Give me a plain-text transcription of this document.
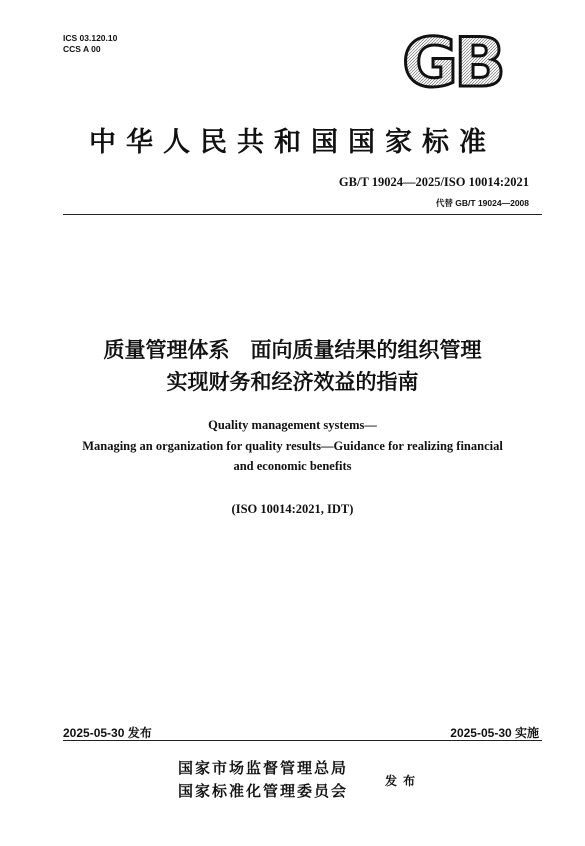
ICS 03.120.10
CCS A 00	GB
中华人民共和国国家标准
GB/T 19024—2025/ISO 10014:2021
代替 GB/T 19024—2008
质量管理体系　面向质量结果的组织管理
实现财务和经济效益的指南
Quality management systems—
Managing an organization for quality results—Guidance for realizing financial
and economic benefits
(ISO 10014:2021, IDT)
2025-05-30 发布	2025-05-30 实施
国家市场监督管理总局
国家标准化管理委员会
发布
